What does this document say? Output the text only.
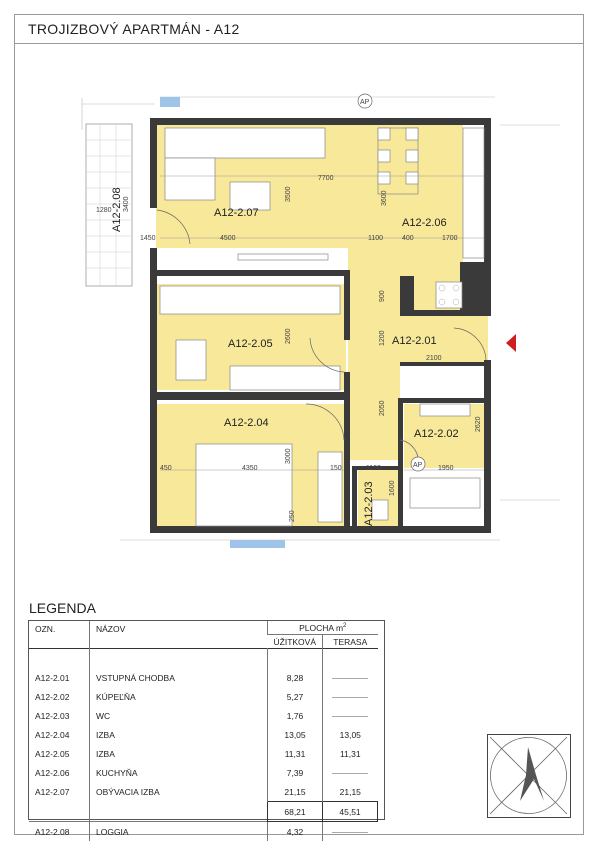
TROJIZBOVÝ APARTMÁN - A12
A12-2.07
A12-2.06
A12-2.05	A12-2.01
A12-2.04
A12-2.02
A12-2.03
A12-2.08
7700
3500	3600
1450	4500	1100	400	1700
1280 3400
900
1200
2100
2600
2050
2620
450	4350
3000
1100	1950
1600
150
250
AP
AP
LEGENDA
OZN.	NÁZOV	PLOCHA $m^2$
		ÚŽITKOVÁ	TERASA

A12-2.01	VSTUPNÁ CHODBA	8,28	
A12-2.02	KÚPEĽŇA	5,27	
A12-2.03	WC	1,76	
A12-2.04	IZBA	13,05	13,05
A12-2.05	IZBA	11,31	11,31
A12-2.06	KUCHYŇA	7,39	
A12-2.07	OBÝVACIA IZBA	21,15	21,15
		68,21	45,51
A12-2.08	LOGGIA	4,32	
